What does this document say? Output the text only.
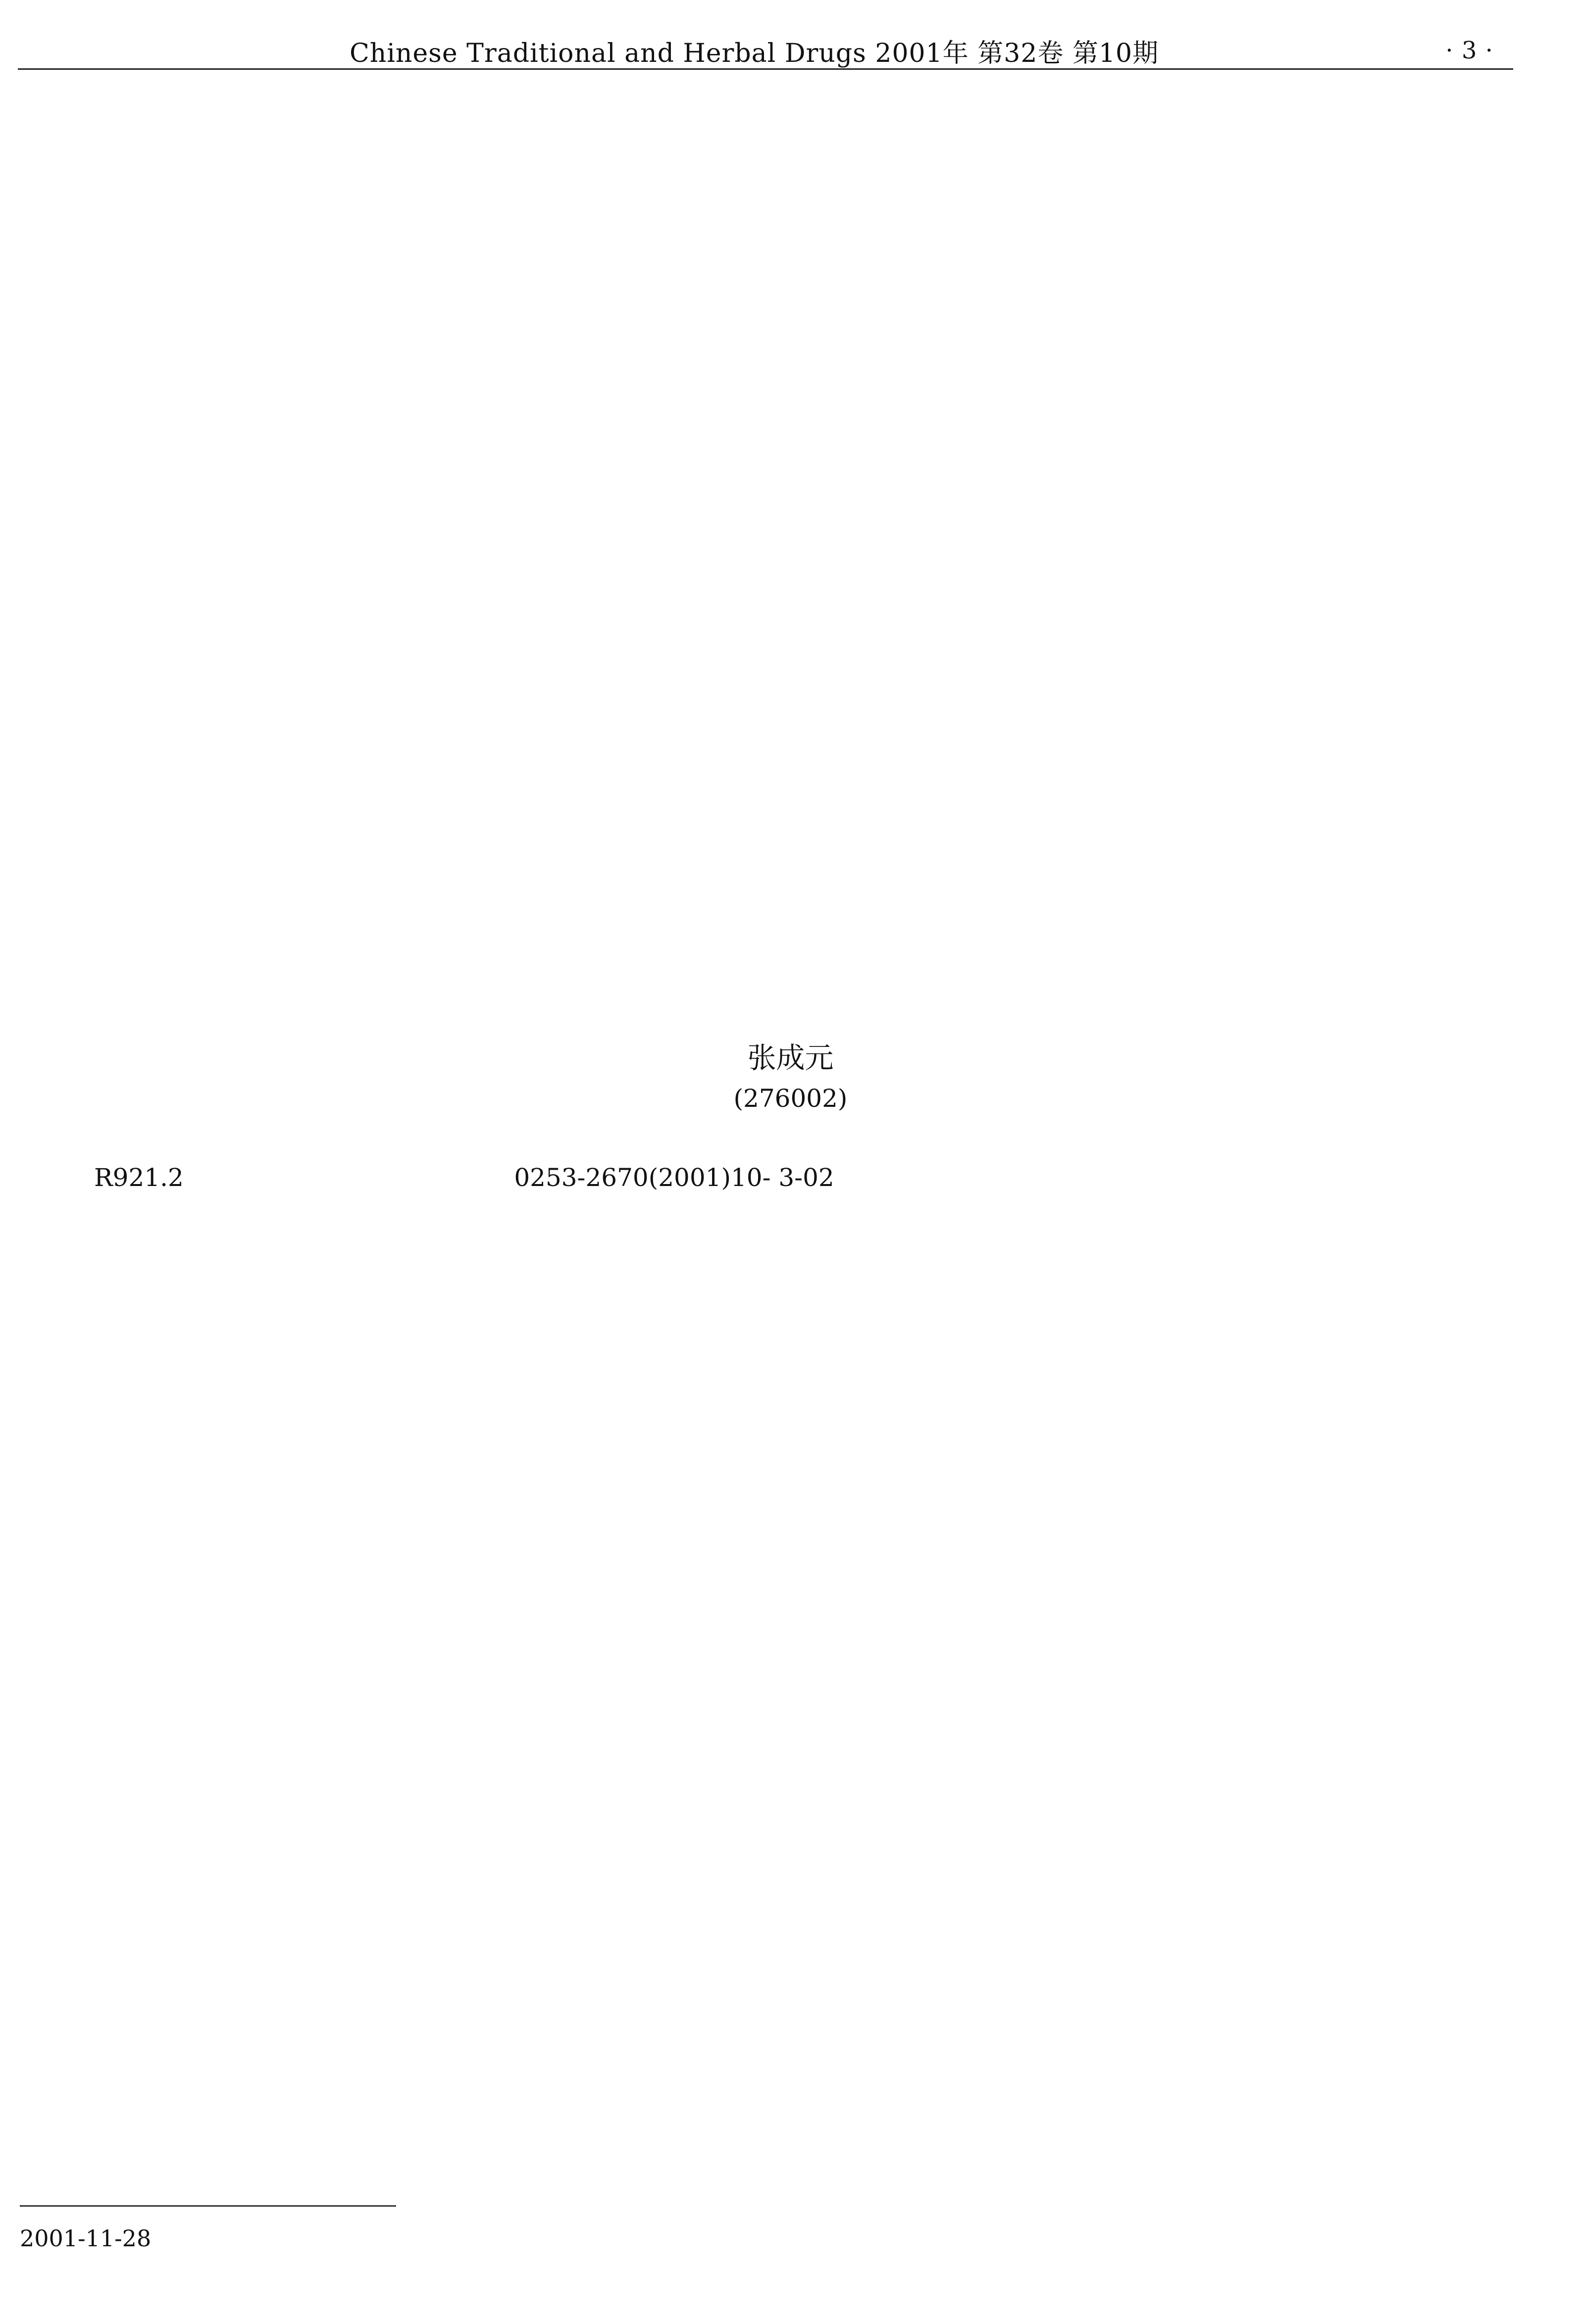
Chinese Traditional and Herbal Drugs 2001年 第32卷 第10期	· 3 ·

张成元
(276002)
R921.2                                          0253-2670(2001)10- 3-02

2001-11-28
